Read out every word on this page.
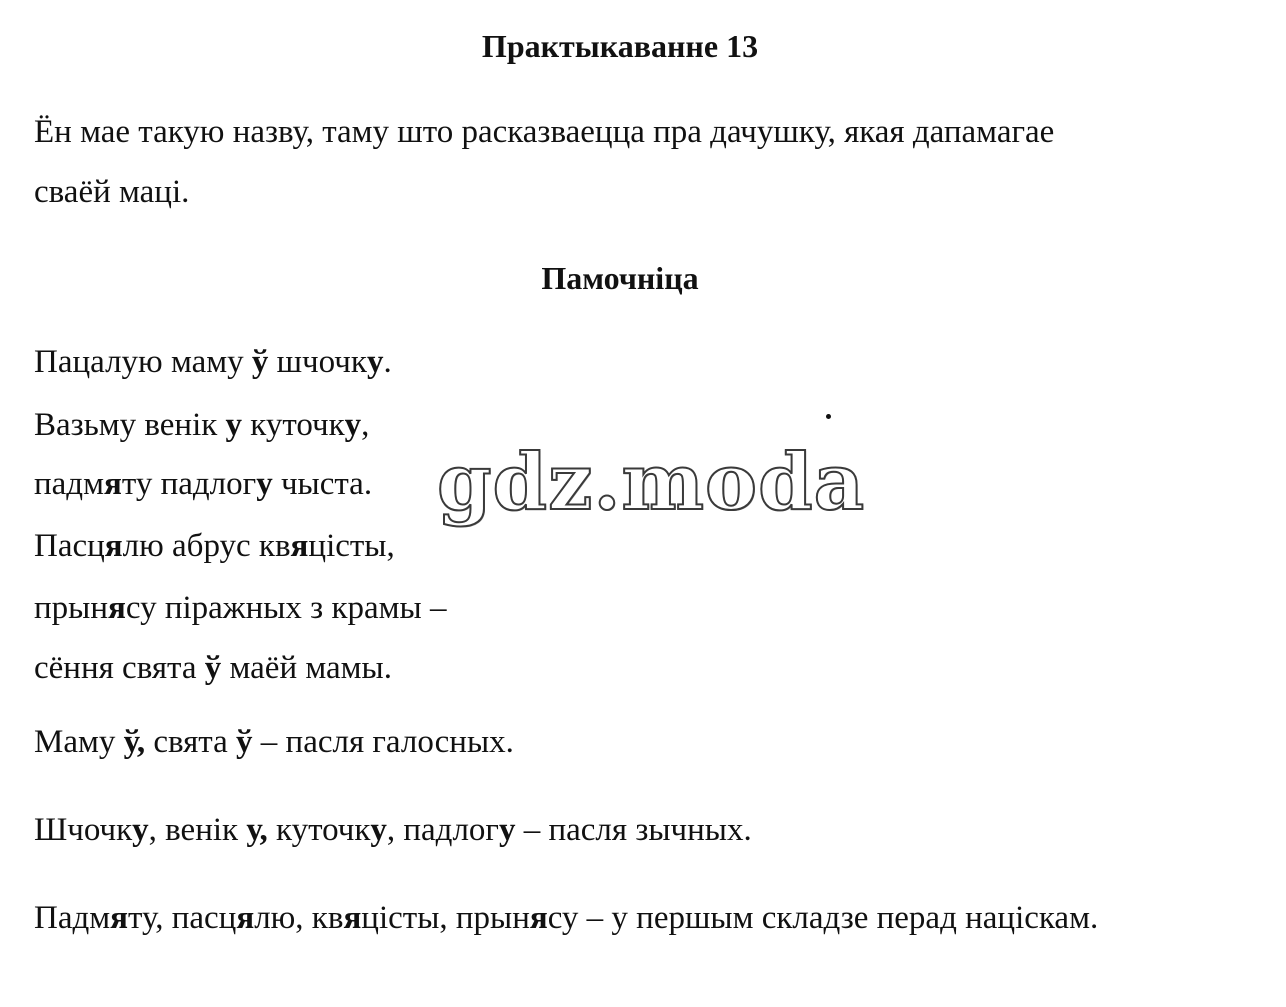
Практыкаванне 13
Ён мае такую назву, таму што расказваецца пра дачушку, якая дапамагае
сваёй маці.
Памочніца
Пацалую маму ў шчочку.
Вазьму венік у куточку,
падмяту падлогу чыста.
Пасцялю абрус квяцісты,
прынясу піражных з крамы –
сёння свята ў маёй мамы.
Маму ў, свята ў – пасля галосных.
Шчочку, венік у, куточку, падлогу – пасля зычных.
Падмяту, пасцялю, квяцісты, прынясу – у першым складзе перад націскам.
gdz.moda
